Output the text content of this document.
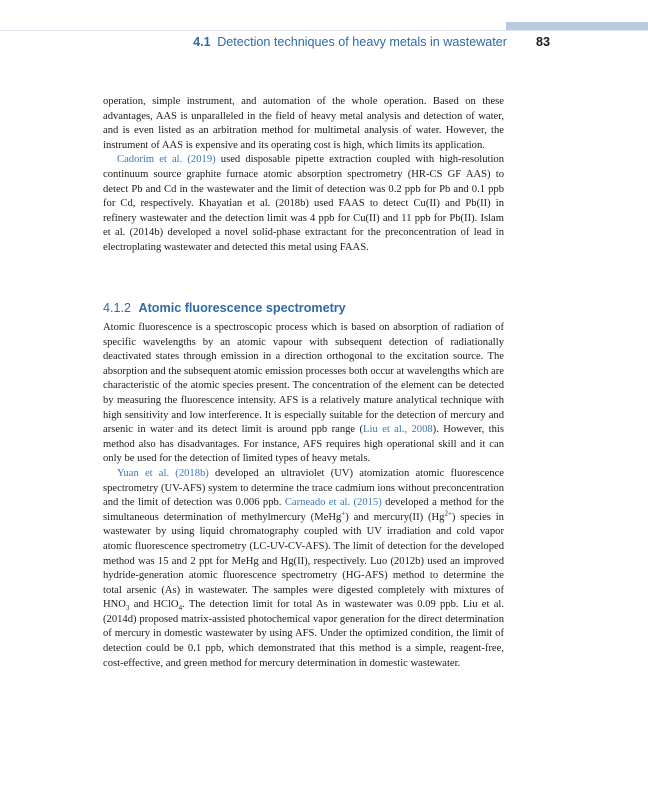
4.1 Detection techniques of heavy metals in wastewater 83

operation, simple instrument, and automation of the whole operation. Based on these advantages, AAS is unparalleled in the field of heavy metal analysis and detection of water, and is even listed as an arbitration method for multimetal analysis of water. However, the instrument of AAS is expensive and its operating cost is high, which limits its application.

Cadorim et al. (2019) used disposable pipette extraction coupled with high-resolution continuum source graphite furnace atomic absorption spectrometry (HR-CS GF AAS) to detect Pb and Cd in the wastewater and the limit of detection was 0.2 ppb for Pb and 0.1 ppb for Cd, respectively. Khayatian et al. (2018b) used FAAS to detect Cu(II) and Pb(II) in refinery wastewater and the detection limit was 4 ppb for Cu(II) and 11 ppb for Pb(II). Islam et al. (2014b) developed a novel solid-phase extractant for the preconcentration of lead in electroplating wastewater and detected this metal using FAAS.

4.1.2 Atomic fluorescence spectrometry

Atomic fluorescence is a spectroscopic process which is based on absorption of radiation of specific wavelengths by an atomic vapour with subsequent detection of radiationally deactivated states through emission in a direction orthogonal to the excitation source. The absorption and the subsequent atomic emission processes both occur at wavelengths which are characteristic of the atomic species present. The concentration of the element can be detected by measuring the fluorescence intensity. AFS is a relatively mature analytical technique with high sensitivity and low interference. It is especially suitable for the detection of mercury and arsenic in water and its detect limit is around ppb range (Liu et al., 2008). However, this method also has disadvantages. For instance, AFS requires high operational skill and it can only be used for the detection of limited types of heavy metals.

Yuan et al. (2018b) developed an ultraviolet (UV) atomization atomic fluorescence spectrometry (UV-AFS) system to determine the trace cadmium ions without preconcentration and the limit of detection was 0.006 ppb. Carneado et al. (2015) developed a method for the simultaneous determination of methylmercury (MeHg+) and mercury(II) $(Hg^{2+})$ species in wastewater by using liquid chromatography coupled with UV irradiation and cold vapor atomic fluorescence spectrometry (LC-UV-CV-AFS). The limit of detection for the developed method was 15 and 2 ppt for MeHg and Hg(II), respectively. Luo (2012b) used an improved hydride-generation atomic fluorescence spectrometry (HG-AFS) method to determine the total arsenic (As) in wastewater. The samples were digested completely with mixtures of $HNO_3$ and HClO$_4$. The detection limit for total As in wastewater was 0.09 ppb. Liu et al. (2014d) proposed matrix-assisted photochemical vapor generation for the direct determination of mercury in domestic wastewater by using AFS. Under the optimized condition, the limit of detection could be 0.1 ppb, which demonstrated that this method is a simple, reagent-free, cost-effective, and green method for mercury determination in domestic wastewater.
